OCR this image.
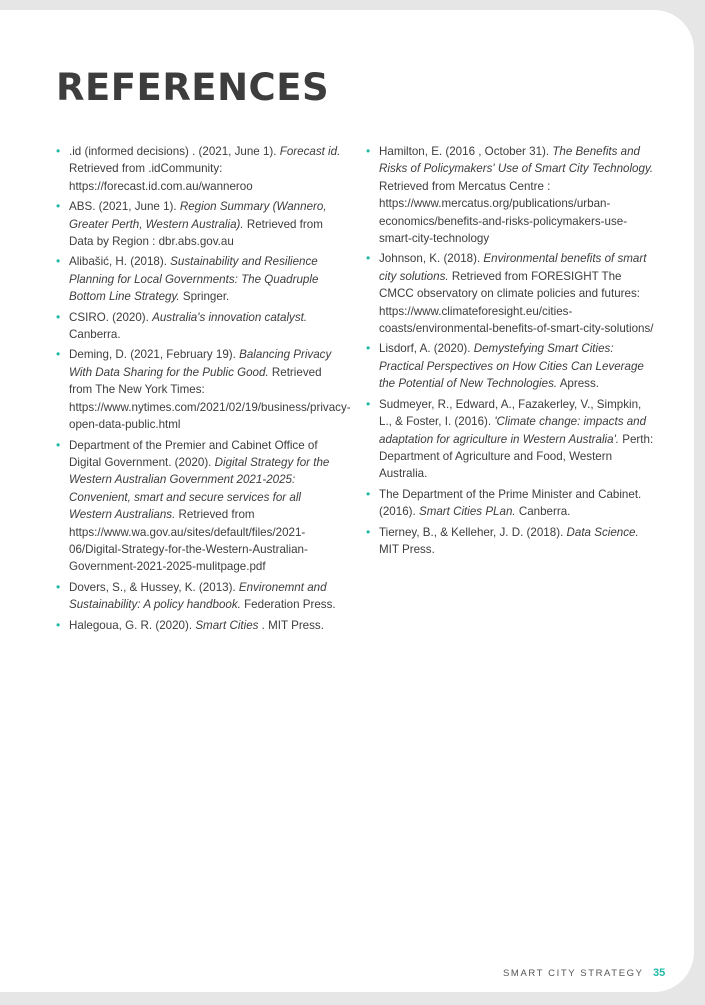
REFERENCES
• .id (informed decisions) . (2021, June 1). Forecast id. Retrieved from .idCommunity: https://forecast.id.com.au/wanneroo
• ABS. (2021, June 1). Region Summary (Wannero, Greater Perth, Western Australia). Retrieved from Data by Region : dbr.abs.gov.au
• Alibašić, H. (2018). Sustainability and Resilience Planning for Local Governments: The Quadruple Bottom Line Strategy. Springer.
• CSIRO. (2020). Australia's innovation catalyst. Canberra.
• Deming, D. (2021, February 19). Balancing Privacy With Data Sharing for the Public Good. Retrieved from The New York Times: https://www.nytimes.com/2021/02/19/business/privacy-open-data-public.html
• Department of the Premier and Cabinet Office of Digital Government. (2020). Digital Strategy for the Western Australian Government 2021-2025: Convenient, smart and secure services for all Western Australians. Retrieved from https://www.wa.gov.au/sites/default/files/2021-06/Digital-Strategy-for-the-Western-Australian-Government-2021-2025-mulitpage.pdf
• Dovers, S., & Hussey, K. (2013). Environemnt and Sustainability: A policy handbook. Federation Press.
• Halegoua, G. R. (2020). Smart Cities . MIT Press.
• Hamilton, E. (2016 , October 31). The Benefits and Risks of Policymakers' Use of Smart City Technology. Retrieved from Mercatus Centre : https://www.mercatus.org/publications/urban-economics/benefits-and-risks-policymakers-use-smart-city-technology
• Johnson, K. (2018). Environmental benefits of smart city solutions. Retrieved from FORESIGHT The CMCC observatory on climate policies and futures: https://www.climateforesight.eu/cities-coasts/environmental-benefits-of-smart-city-solutions/
• Lisdorf, A. (2020). Demystefying Smart Cities: Practical Perspectives on How Cities Can Leverage the Potential of New Technologies. Apress.
• Sudmeyer, R., Edward, A., Fazakerley, V., Simpkin, L., & Foster, I. (2016). 'Climate change: impacts and adaptation for agriculture in Western Australia'. Perth: Department of Agriculture and Food, Western Australia.
• The Department of the Prime Minister and Cabinet. (2016). Smart Cities PLan. Canberra.
• Tierney, B., & Kelleher, J. D. (2018). Data Science. MIT Press.
SMART CITY STRATEGY 35
